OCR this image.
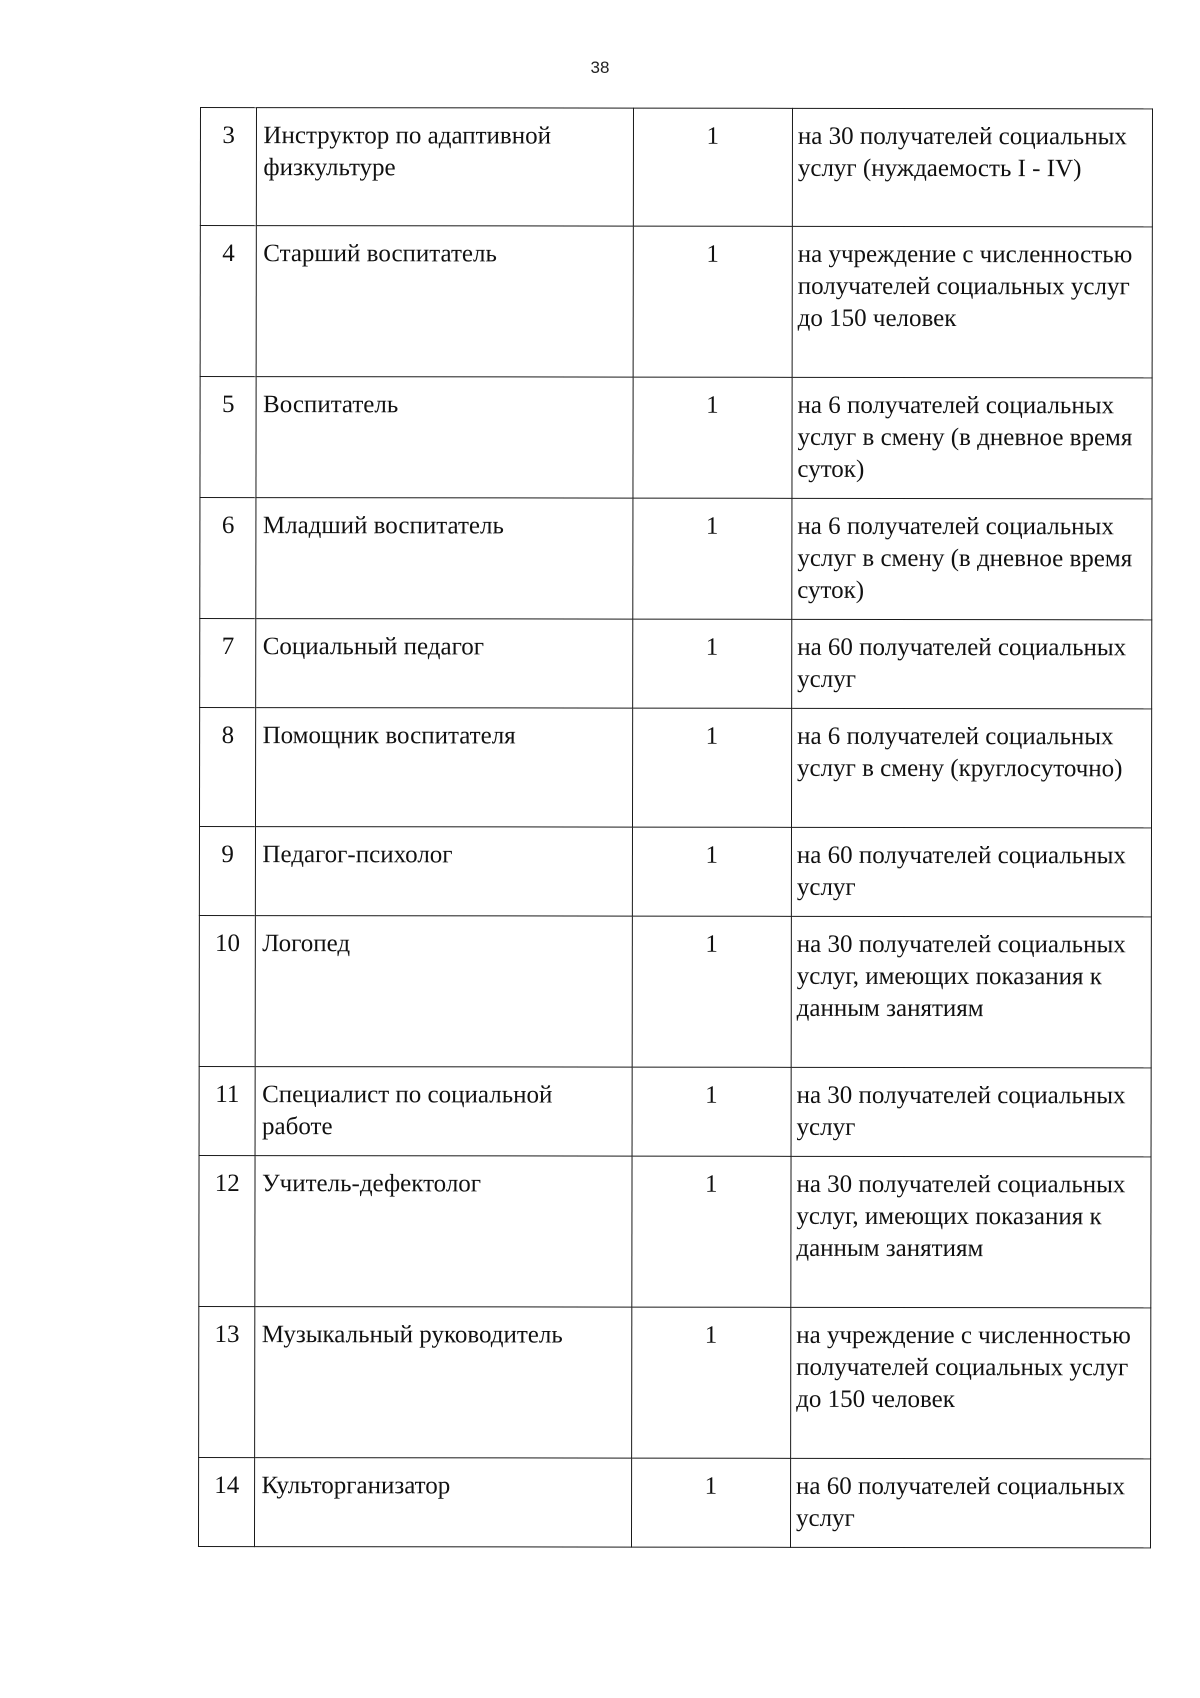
38
3	Инструктор по адаптивной физкультуре	1	на 30 получателей социальных услуг (нуждаемость I - IV)
4	Старший воспитатель	1	на учреждение с численностью получателей социальных услуг до 150 человек
5	Воспитатель	1	на 6 получателей социальных услуг в смену (в дневное время суток)
6	Младший воспитатель	1	на 6 получателей социальных услуг в смену (в дневное время суток)
7	Социальный педагог	1	на 60 получателей социальных услуг
8	Помощник воспитателя	1	на 6 получателей социальных услуг в смену (круглосуточно)
9	Педагог-психолог	1	на 60 получателей социальных услуг
10	Логопед	1	на 30 получателей социальных услуг, имеющих показания к данным занятиям
11	Специалист по социальной работе	1	на 30 получателей социальных услуг
12	Учитель-дефектолог	1	на 30 получателей социальных услуг, имеющих показания к данным занятиям
13	Музыкальный руководитель	1	на учреждение с численностью получателей социальных услуг до 150 человек
14	Культорганизатор	1	на 60 получателей социальных услуг
